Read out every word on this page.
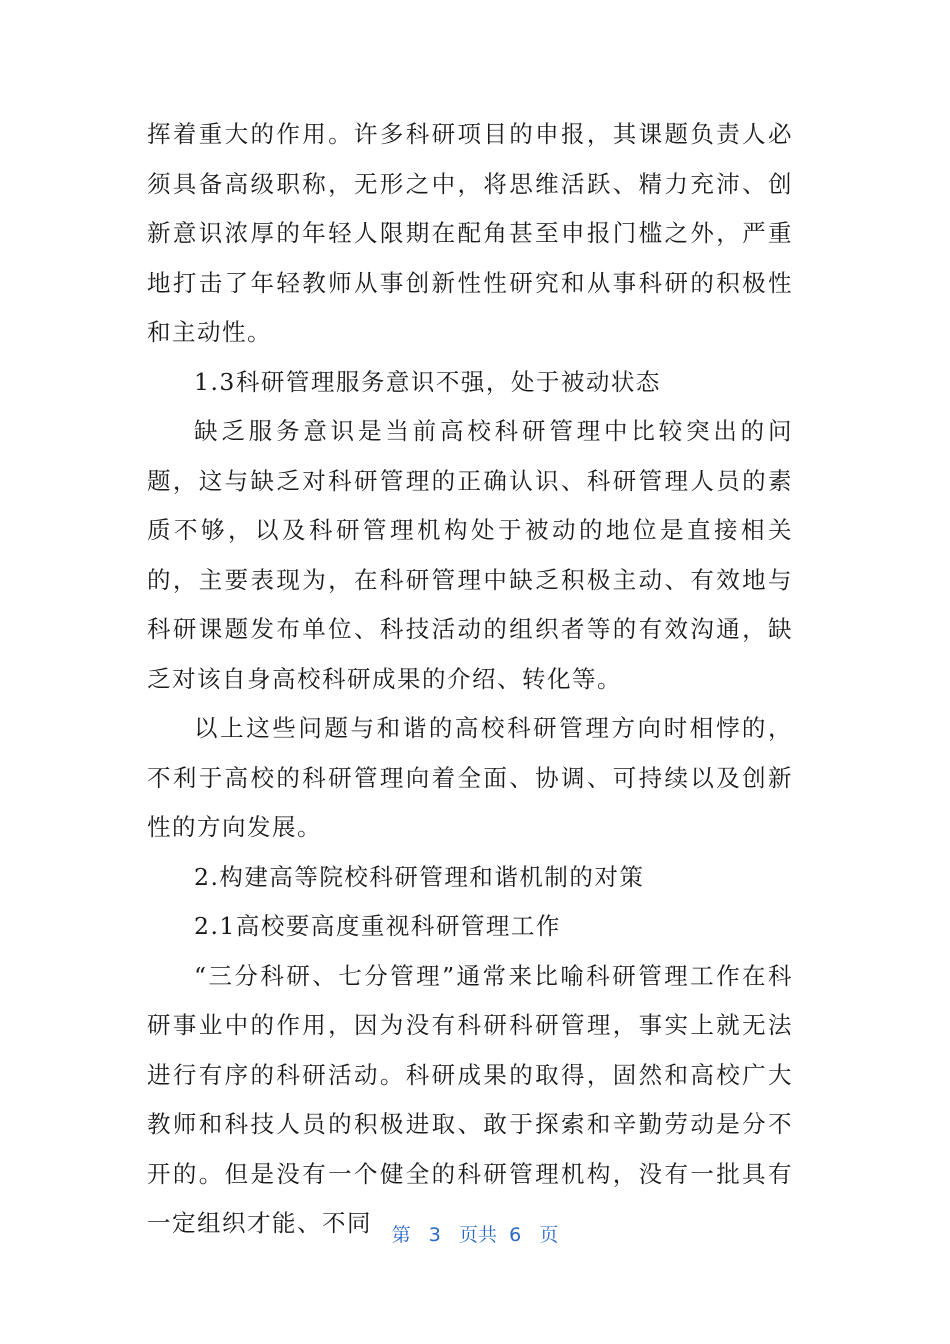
挥着重大的作用。许多科研项目的申报，其课题负责人必须具备高级职称，无形之中，将思维活跃、精力充沛、创新意识浓厚的年轻人限期在配角甚至申报门槛之外，严重地打击了年轻教师从事创新性性研究和从事科研的积极性和主动性。

1.3科研管理服务意识不强，处于被动状态

缺乏服务意识是当前高校科研管理中比较突出的问题，这与缺乏对科研管理的正确认识、科研管理人员的素质不够，以及科研管理机构处于被动的地位是直接相关的，主要表现为，在科研管理中缺乏积极主动、有效地与科研课题发布单位、科技活动的组织者等的有效沟通，缺乏对该自身高校科研成果的介绍、转化等。

以上这些问题与和谐的高校科研管理方向时相悖的，不利于高校的科研管理向着全面、协调、可持续以及创新性的方向发展。

2.构建高等院校科研管理和谐机制的对策

2.1高校要高度重视科研管理工作

“三分科研、七分管理”通常来比喻科研管理工作在科研事业中的作用，因为没有科研科研管理，事实上就无法进行有序的科研活动。科研成果的取得，固然和高校广大教师和科技人员的积极进取、敢于探索和辛勤劳动是分不开的。但是没有一个健全的科研管理机构，没有一批具有一定组织才能、不同	第 3 页共 6 页
